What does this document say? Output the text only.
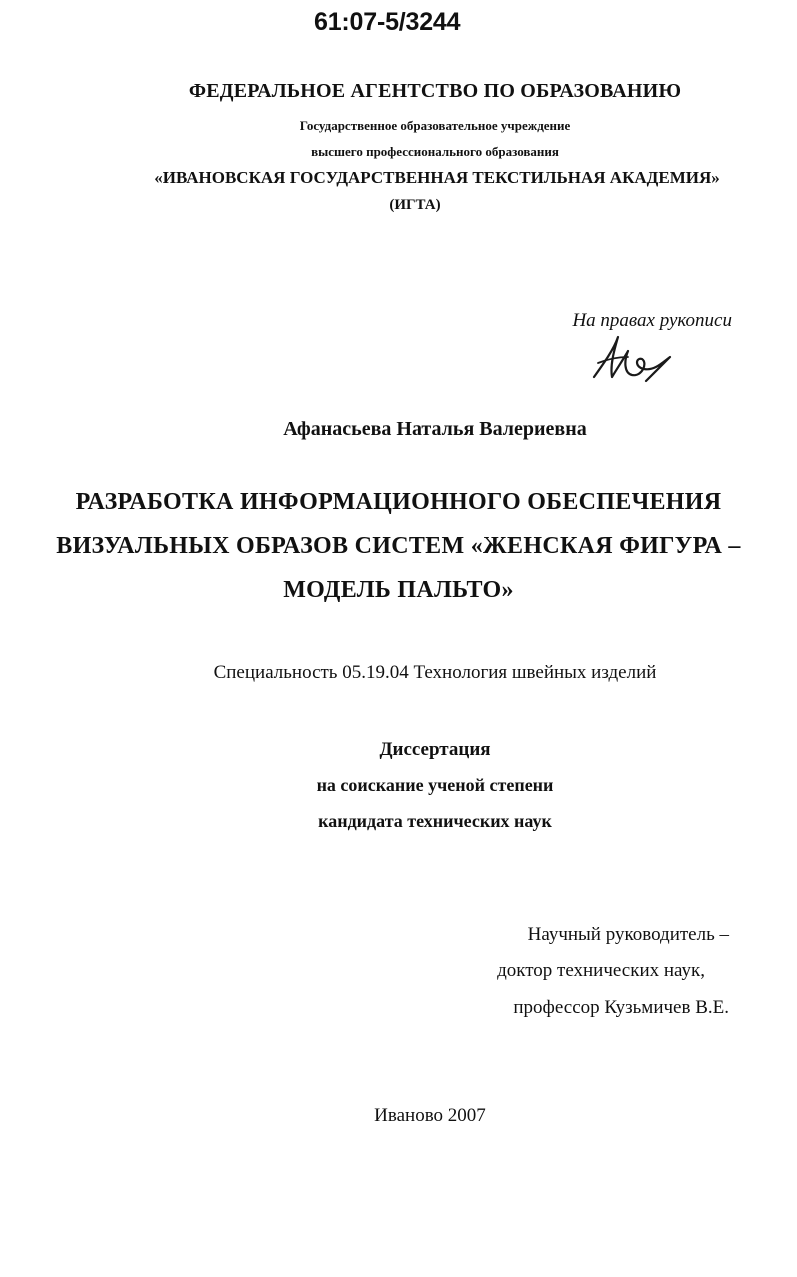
61:07-5/3244
ФЕДЕРАЛЬНОЕ АГЕНТСТВО ПО ОБРАЗОВАНИЮ
Государственное образовательное учреждение
высшего профессионального образования
«ИВАНОВСКАЯ ГОСУДАРСТВЕННАЯ ТЕКСТИЛЬНАЯ АКАДЕМИЯ»
(ИГТА)
На правах рукописи
Афанасьева Наталья Валериевна
РАЗРАБОТКА ИНФОРМАЦИОННОГО ОБЕСПЕЧЕНИЯ
ВИЗУАЛЬНЫХ ОБРАЗОВ СИСТЕМ «ЖЕНСКАЯ ФИГУРА –
МОДЕЛЬ ПАЛЬТО»
Специальность 05.19.04 Технология швейных изделий
Диссертация
на соискание ученой степени
кандидата технических наук
Научный руководитель –
доктор технических наук,
профессор Кузьмичев В.Е.
Иваново 2007
